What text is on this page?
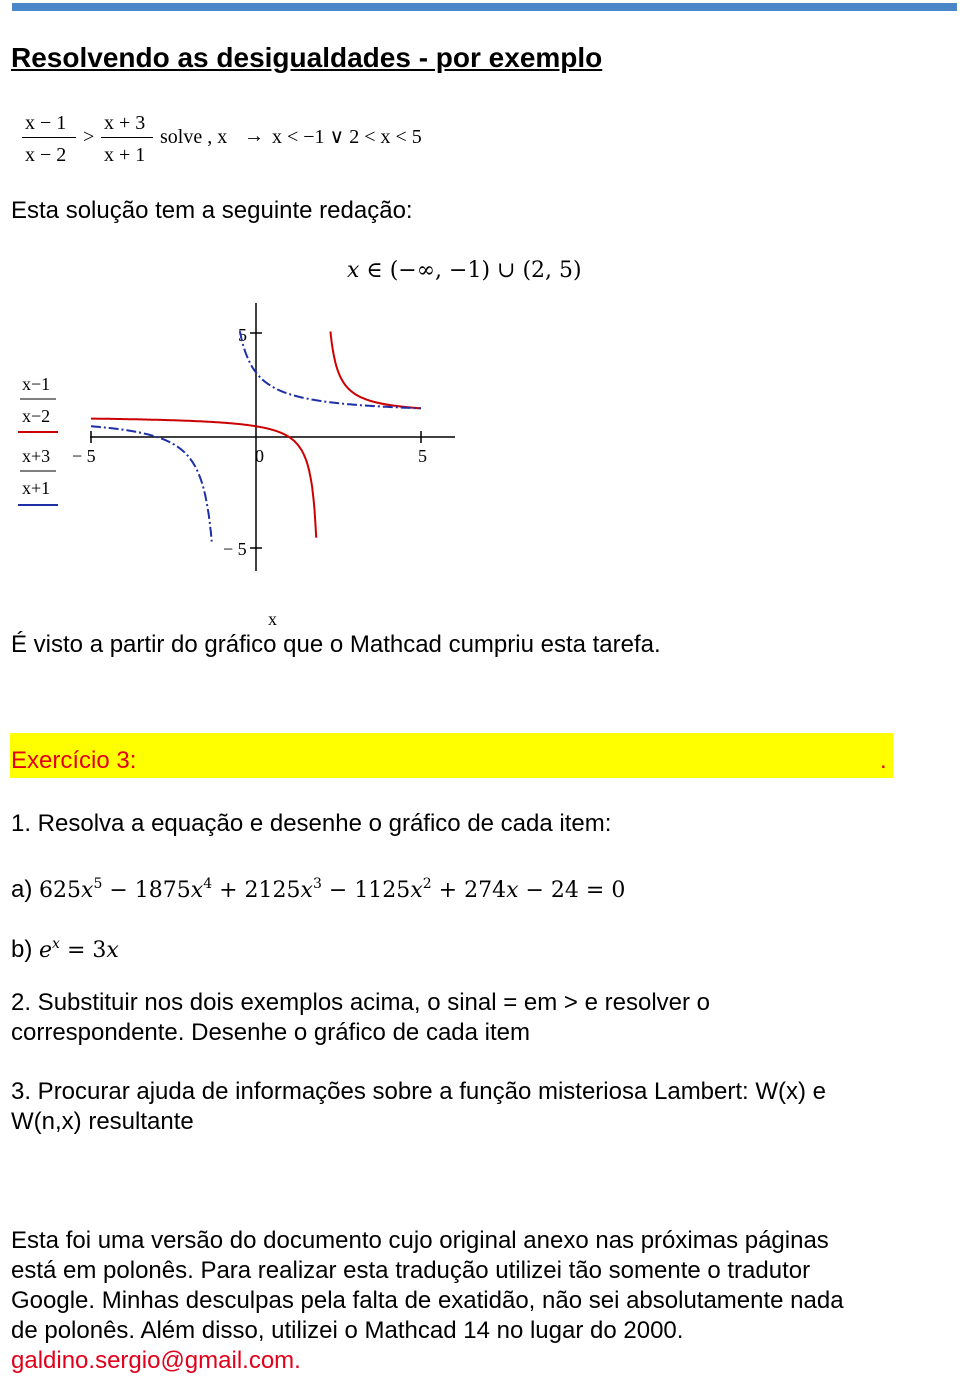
Resolvendo as desigualdades - por exemplo
x − 1
x − 2
>
x + 3
x + 1
solve , x → x < −1 ∨ 2 < x < 5
Esta solução tem a seguinte redação:
x ∈ (−∞, −1) ∪ (2, 5)
− 5	0	5
5
− 5
x
x−1
x−2
x+3
x+1
É visto a partir do gráfico que o Mathcad cumpriu esta tarefa.
Exercício 3:	.
1. Resolva a equação e desenhe o gráfico de cada item:
a) $625x^5 - 1875x^4 + 2125x^3 - 1125x^2 + 274x - 24 = 0$
b) $e^x = 3x$
2. Substituir nos dois exemplos acima, o sinal = em > e resolver o
correspondente. Desenhe o gráfico de cada item
3. Procurar ajuda de informações sobre a função misteriosa Lambert: W(x) e
W(n,x) resultante
Esta foi uma versão do documento cujo original anexo nas próximas páginas
está em polonês. Para realizar esta tradução utilizei tão somente o tradutor
Google. Minhas desculpas pela falta de exatidão, não sei absolutamente nada
de polonês. Além disso, utilizei o Mathcad 14 no lugar do 2000.
galdino.sergio@gmail.com.
